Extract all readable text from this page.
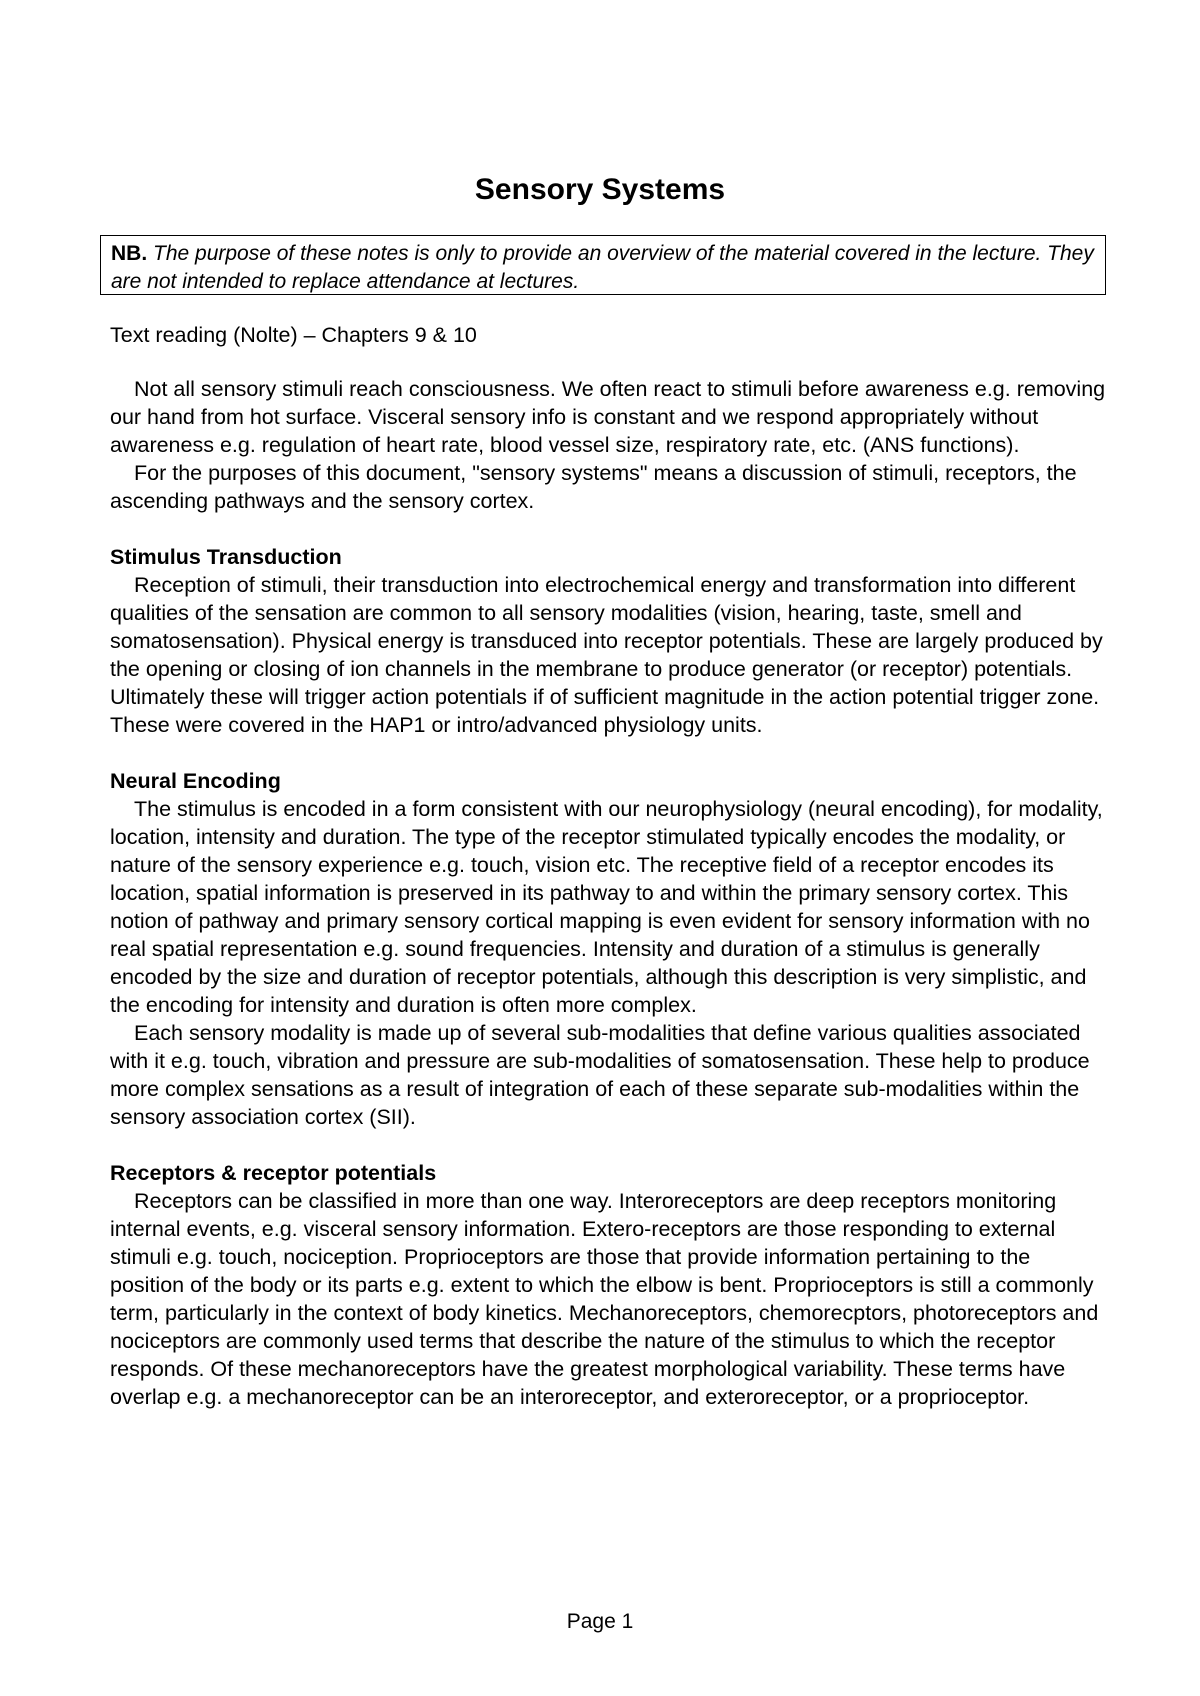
Sensory Systems
NB. The purpose of these notes is only to provide an overview of the material covered in the lecture. They are not intended to replace attendance at lectures.

Text reading (Nolte) – Chapters 9 & 10

Not all sensory stimuli reach consciousness. We often react to stimuli before awareness e.g. removing our hand from hot surface. Visceral sensory info is constant and we respond appropriately without awareness e.g. regulation of heart rate, blood vessel size, respiratory rate, etc. (ANS functions).

For the purposes of this document, "sensory systems" means a discussion of stimuli, receptors, the ascending pathways and the sensory cortex.

Stimulus Transduction

Reception of stimuli, their transduction into electrochemical energy and transformation into different qualities of the sensation are common to all sensory modalities (vision, hearing, taste, smell and somatosensation). Physical energy is transduced into receptor potentials. These are largely produced by the opening or closing of ion channels in the membrane to produce generator (or receptor) potentials. Ultimately these will trigger action potentials if of sufficient magnitude in the action potential trigger zone. These were covered in the HAP1 or intro/advanced physiology units.

Neural Encoding

The stimulus is encoded in a form consistent with our neurophysiology (neural encoding), for modality, location, intensity and duration. The type of the receptor stimulated typically encodes the modality, or nature of the sensory experience e.g. touch, vision etc. The receptive field of a receptor encodes its location, spatial information is preserved in its pathway to and within the primary sensory cortex. This notion of pathway and primary sensory cortical mapping is even evident for sensory information with no real spatial representation e.g. sound frequencies. Intensity and duration of a stimulus is generally encoded by the size and duration of receptor potentials, although this description is very simplistic, and the encoding for intensity and duration is often more complex.

Each sensory modality is made up of several sub-modalities that define various qualities associated with it e.g. touch, vibration and pressure are sub-modalities of somatosensation. These help to produce more complex sensations as a result of integration of each of these separate sub-modalities within the sensory association cortex (SII).

Receptors & receptor potentials

Receptors can be classified in more than one way. Interoreceptors are deep receptors monitoring internal events, e.g. visceral sensory information. Extero-receptors are those responding to external stimuli e.g. touch, nociception. Proprioceptors are those that provide information pertaining to the position of the body or its parts e.g. extent to which the elbow is bent. Proprioceptors is still a commonly term, particularly in the context of body kinetics. Mechanoreceptors, chemorecptors, photoreceptors and nociceptors are commonly used terms that describe the nature of the stimulus to which the receptor responds. Of these mechanoreceptors have the greatest morphological variability. These terms have overlap e.g. a mechanoreceptor can be an interoreceptor, and exteroreceptor, or a proprioceptor.

Page 1
